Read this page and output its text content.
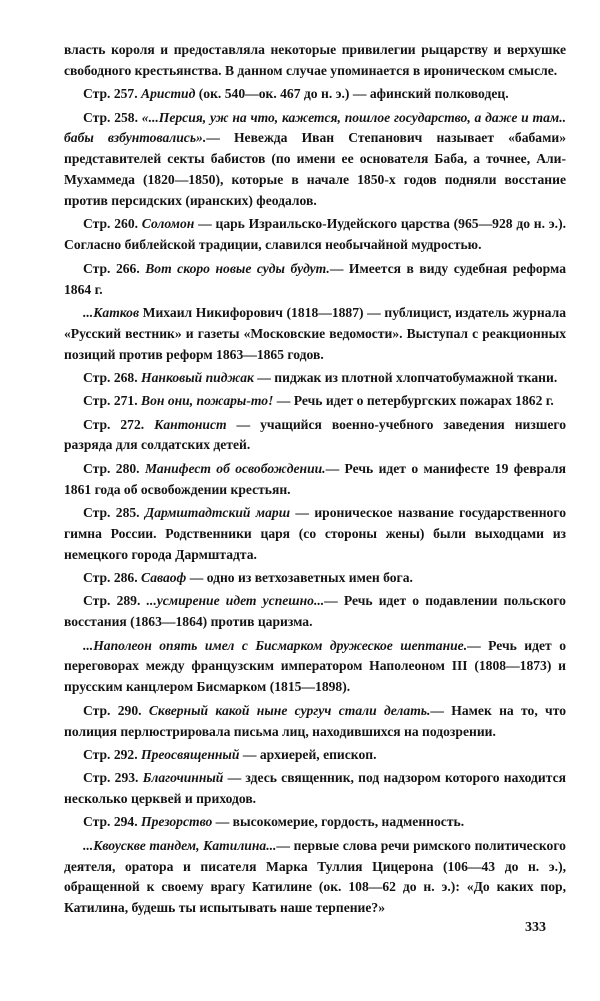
власть короля и предоставляла некоторые привилегии рыцарству и верхушке свободного крестьянства. В данном случае упоминается в ироническом смысле.

Стр. 257. Аристид (ок. 540—ок. 467 до н. э.) — афинский полководец.

Стр. 258. «...Персия, уж на что, кажется, пошлое государство, а даже и там.. бабы взбунтовались».— Невежда Иван Степанович называет «бабами» представителей секты бабистов (по имени ее основателя Баба, а точнее, Али-Мухаммеда (1820—1850), которые в начале 1850-х годов подняли восстание против персидских (иранских) феодалов.

Стр. 260. Соломон — царь Израильско-Иудейского царства (965—928 до н. э.). Согласно библейской традиции, славился необычайной мудростью.

Стр. 266. Вот скоро новые суды будут.— Имеется в виду судебная реформа 1864 г.

...Катков Михаил Никифорович (1818—1887) — публицист, издатель журнала «Русский вестник» и газеты «Московские ведомости». Выступал с реакционных позиций против реформ 1863—1865 годов.

Стр. 268. Нанковый пиджак — пиджак из плотной хлопчатобумажной ткани.

Стр. 271. Вон они, пожары-то! — Речь идет о петербургских пожарах 1862 г.

Стр. 272. Кантонист — учащийся военно-учебного заведения низшего разряда для солдатских детей.

Стр. 280. Манифест об освобождении.— Речь идет о манифесте 19 февраля 1861 года об освобождении крестьян.

Стр. 285. Дармштадтский марш — ироническое название государственного гимна России. Родственники царя (со стороны жены) были выходцами из немецкого города Дармштадта.

Стр. 286. Саваоф — одно из ветхозаветных имен бога.

Стр. 289. ...усмирение идет успешно...— Речь идет о подавлении польского восстания (1863—1864) против царизма.

...Наполеон опять имел с Бисмарком дружеское шептание.— Речь идет о переговорах между французским императором Наполеоном III (1808—1873) и прусским канцлером Бисмарком (1815—1898).

Стр. 290. Скверный какой ныне сургуч стали делать.— Намек на то, что полиция перлюстрировала письма лиц, находившихся на подозрении.

Стр. 292. Преосвященный — архиерей, епископ.

Стр. 293. Благочинный — здесь священник, под надзором которого находится несколько церквей и приходов.

Стр. 294. Презорство — высокомерие, гордость, надменность.

...Квоускве тандем, Катилина...— первые слова речи римского политического деятеля, оратора и писателя Марка Туллия Цицерона (106—43 до н. э.), обращенной к своему врагу Катилине (ок. 108—62 до н. э.): «До каких пор, Катилина, будешь ты испытывать наше терпение?»

333
